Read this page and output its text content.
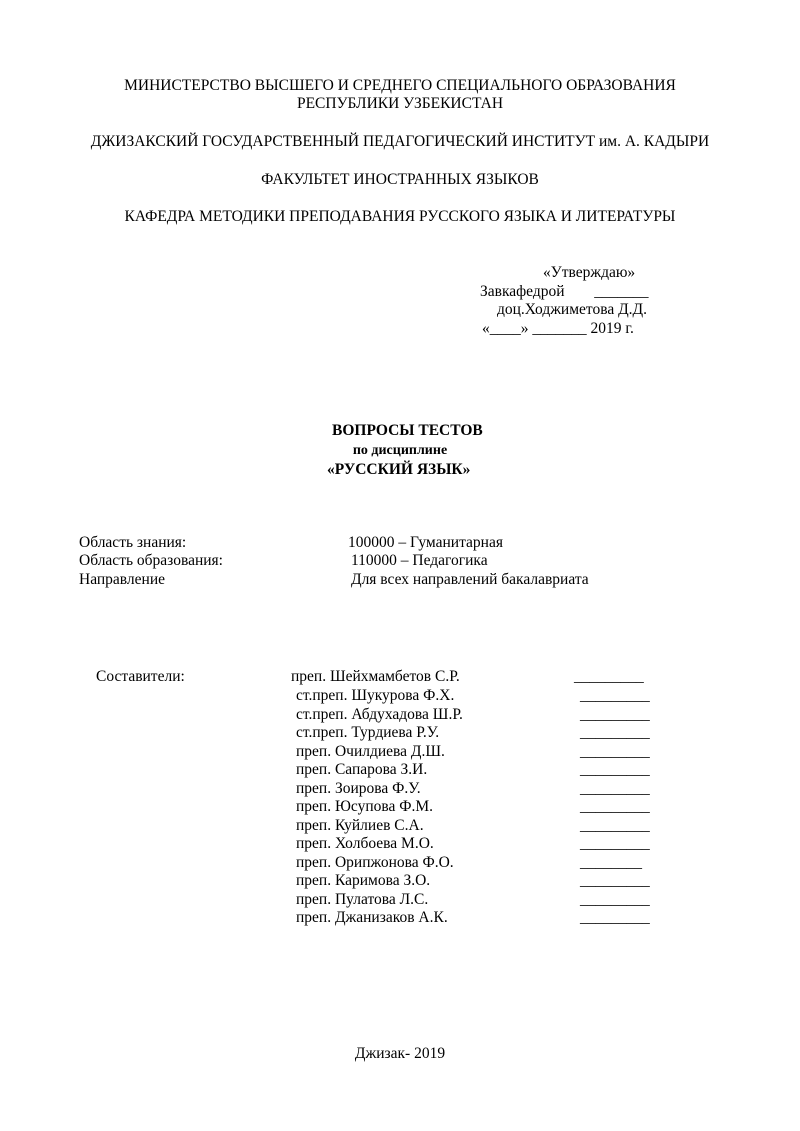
МИНИСТЕРСТВО ВЫСШЕГО И СРЕДНЕГО СПЕЦИАЛЬНОГО ОБРАЗОВАНИЯ
РЕСПУБЛИКИ УЗБЕКИСТАН
ДЖИЗАКСКИЙ ГОСУДАРСТВЕННЫЙ ПЕДАГОГИЧЕСКИЙ ИНСТИТУТ им. А. КАДЫРИ
ФАКУЛЬТЕТ ИНОСТРАННЫХ ЯЗЫКОВ
КАФЕДРА МЕТОДИКИ ПРЕПОДАВАНИЯ РУССКОГО ЯЗЫКА И ЛИТЕРАТУРЫ
«Утверждаю»
Завкафедрой _______
доц.Ходжиметова Д.Д.
«____» _______ 2019 г.
ВОПРОСЫ ТЕСТОВ
по дисциплине
«РУССКИЙ ЯЗЫК»
Область знания:	100000 – Гуманитарная
Область образования:	110000 – Педагогика
Направление	Для всех направлений бакалавриата
Составители:	преп. Шейхмамбетов С.Р.	_________
ст.преп. Шукурова Ф.Х.	_________
ст.преп. Абдухадова Ш.Р.	_________
ст.преп. Турдиева Р.У.	_________
преп. Очилдиева Д.Ш.	_________
преп. Сапарова З.И.	_________
преп. Зоирова Ф.У.	_________
преп. Юсупова Ф.М.	_________
преп. Куйлиев С.А.	_________
преп. Холбоева М.О.	_________
преп. Орипжонова Ф.О.	________
преп. Каримова З.О.	_________
преп. Пулатова Л.С.	_________
преп. Джанизаков А.К.	_________
Джизак- 2019
